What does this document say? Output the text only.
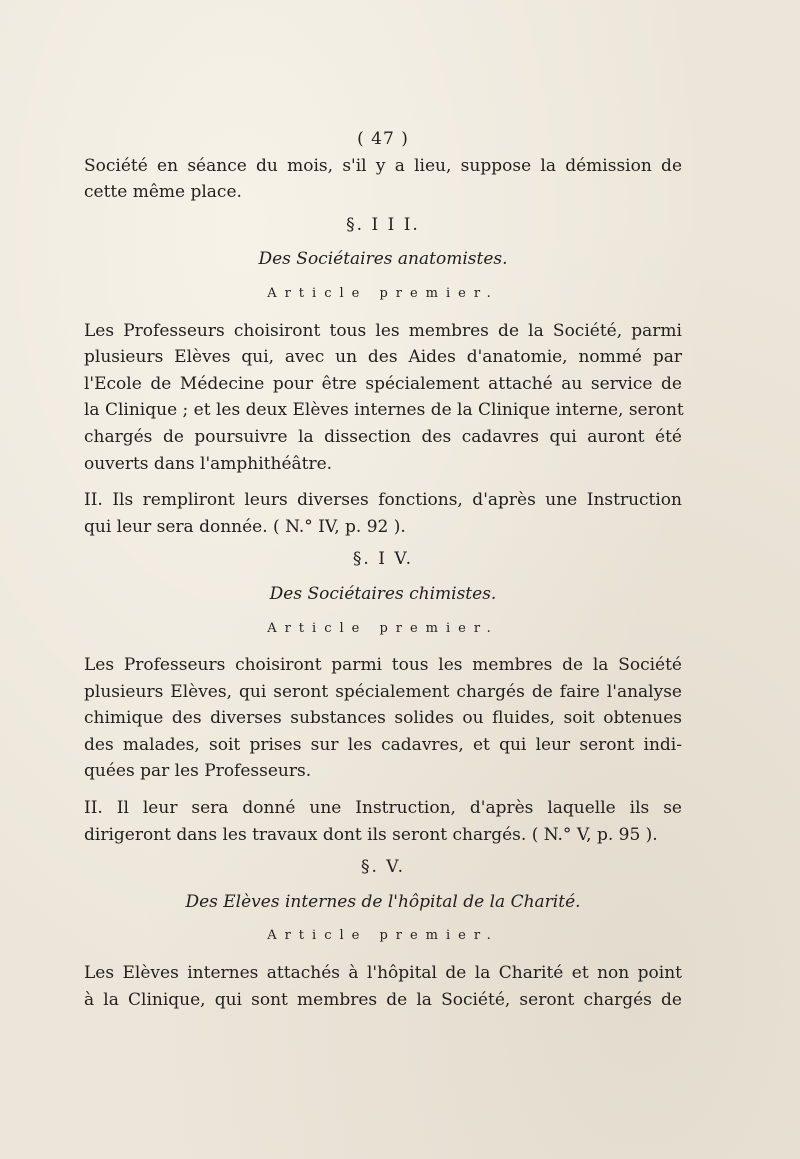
( 47 )
Société en séance du mois, s'il y a lieu, suppose la démission de
cette même place.
§. I I I.
Des Sociétaires anatomistes.
Article premier.
Les Professeurs choisiront tous les membres de la Société, parmi
plusieurs Elèves qui, avec un des Aides d'anatomie, nommé par
l'Ecole de Médecine pour être spécialement attaché au service de
la Clinique ; et les deux Elèves internes de la Clinique interne, seront
chargés de poursuivre la dissection des cadavres qui auront été
ouverts dans l'amphithéâtre.
II. Ils rempliront leurs diverses fonctions, d'après une Instruction
qui leur sera donnée. ( N.° IV, p. 92 ).
§. I V.
Des Sociétaires chimistes.
Article premier.
Les Professeurs choisiront parmi tous les membres de la Société
plusieurs Elèves, qui seront spécialement chargés de faire l'analyse
chimique des diverses substances solides ou fluides, soit obtenues
des malades, soit prises sur les cadavres, et qui leur seront indi-
quées par les Professeurs.
II. Il leur sera donné une Instruction, d'après laquelle ils se
dirigeront dans les travaux dont ils seront chargés. ( N.° V, p. 95 ).
§. V.
Des Elèves internes de l'hôpital de la Charité.
Article premier.
Les Elèves internes attachés à l'hôpital de la Charité et non point
à la Clinique, qui sont membres de la Société, seront chargés de
